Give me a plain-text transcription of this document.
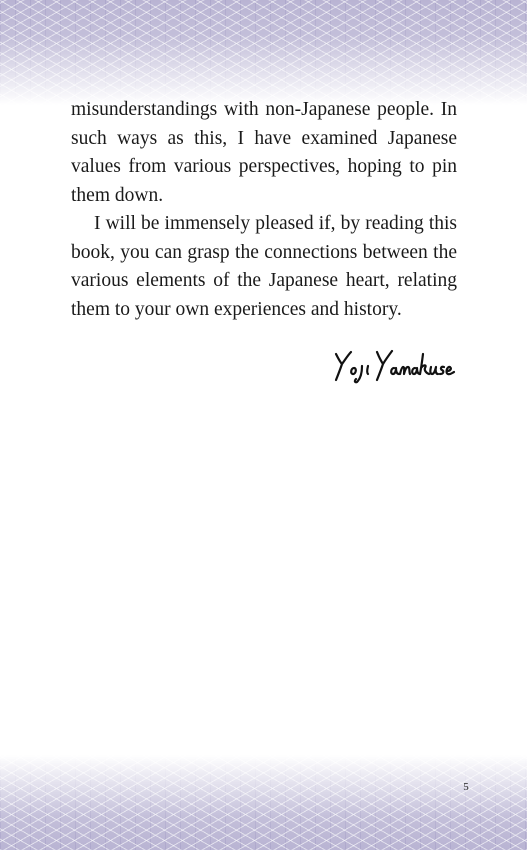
misunderstandings with non-Japanese people. In such ways as this, I have examined Japanese values from various perspectives, hoping to pin them down.

I will be immensely pleased if, by reading this book, you can grasp the connections between the various elements of the Japanese heart, relating them to your own experiences and history.

5
